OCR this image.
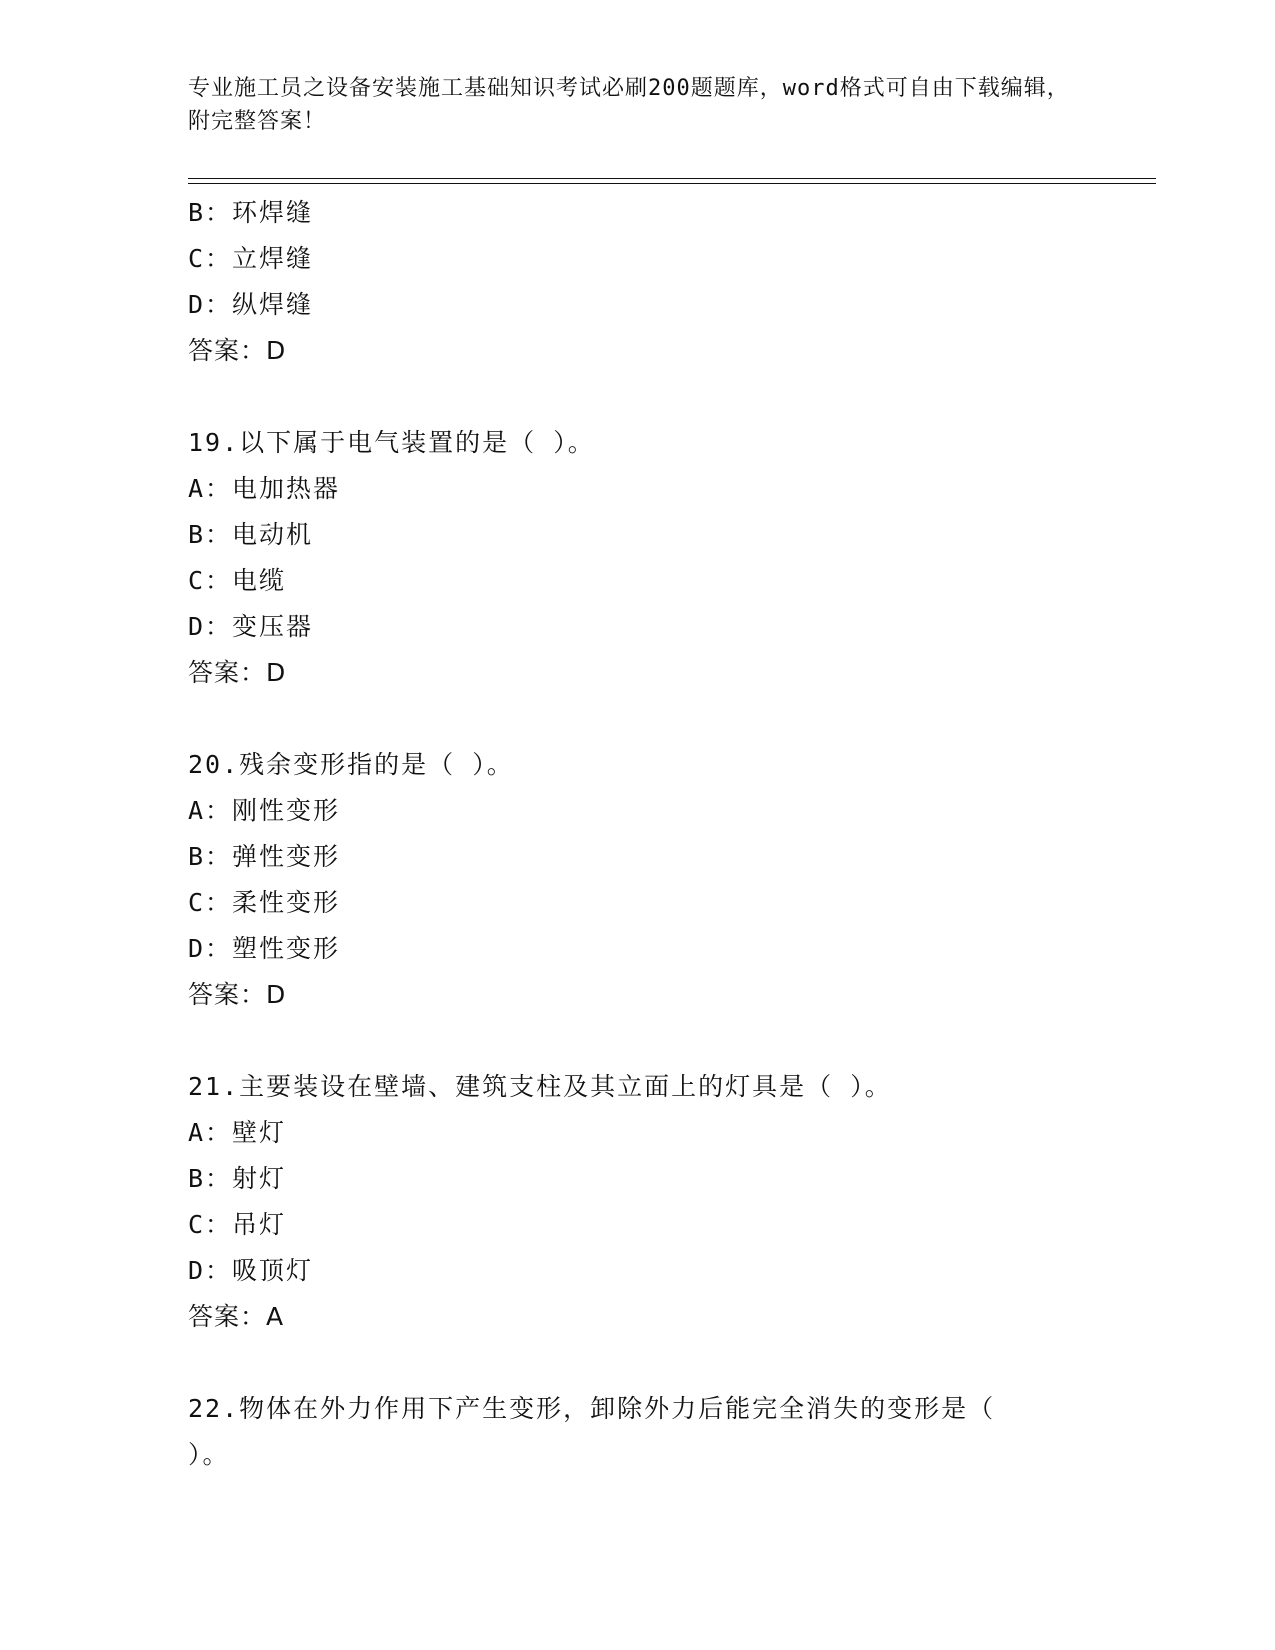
专业施工员之设备安装施工基础知识考试必刷200题题库，word格式可自由下载编辑，附完整答案！
B：环焊缝
C：立焊缝
D：纵焊缝
答案：D
19.以下属于电气装置的是（ ）。
A：电加热器
B：电动机
C：电缆
D：变压器
答案：D
20.残余变形指的是（ ）。
A：刚性变形
B：弹性变形
C：柔性变形
D：塑性变形
答案：D
21.主要装设在壁墙、建筑支柱及其立面上的灯具是（ ）。
A：壁灯
B：射灯
C：吊灯
D：吸顶灯
答案：A
22.物体在外力作用下产生变形，卸除外力后能完全消失的变形是（ ）。
